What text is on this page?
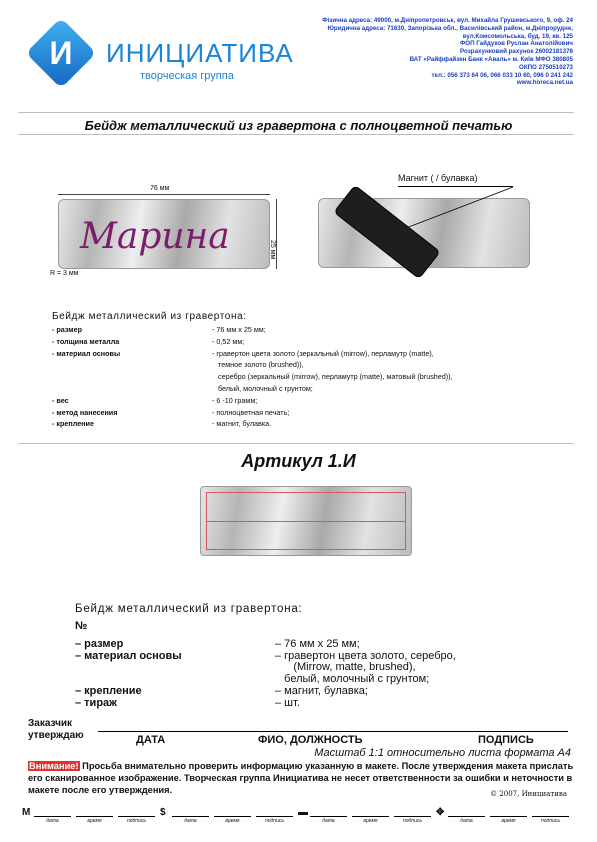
И ИНИЦИАТИВА
творческая группа
Фiзична адреса: 49000, м.Днiпропетровськ, вул. Михайла Грушевського, 9, оф. 24
Юридична адреса: 71630, Запорiзька обл., Василiвський район, м.Днiпрорудне,
вул.Комсомольська, буд. 19, кв. 125
ФОП Гайдуков Руслан Анатолiйович
Розрахунковий рахунок 26002181378
ВАТ «Райффайзен Банк «Аваль» м. Київ МФО 380805
ОКПО 2750510273
тел.: 056 373 64 06, 066 033 10 60, 096 0 241 242
www.horeca.net.ua
Бейдж металлический из гравертона с полноцветной печатью
76 мм
Марина	25 мм
R = 3 мм
Магнит ( / булавка)
Бейдж металлический из гравертона:
- размер	- 76 мм x 25 мм;
- толщина металла	- 0,52 мм;
- материал основы	- гравертон цвета золото (зеркальный (mirrow), перламутр (matte),
темное золото (brushed)),
серебро (зеркальный (mirrow), перламутр (matte), матовый (brushed)),
белый, молочный с грунтом;
- вес	- 6 -10 грамм;
- метод нанесения	- полноцветная печать;
- крепление	- магнит, булавка.
Артикул 1.И
Бейдж металлический из гравертона:
№
– размер	– 76 мм x 25 мм;
– материал основы	– гравертон цвета золото, серебро,
(Mirrow, matte, brushed),
белый, молочный с грунтом;
– крепление	– магнит, булавка;
– тираж	– шт.
Заказчик
утверждаю	ДАТА	ФИО, ДОЛЖНОСТЬ	ПОДПИСЬ
Масштаб 1:1 относительно листа формата А4
Внимание! Просьба внимательно проверить информацию указанную в макете. После утверждения макета прислать его сканированное изображение. Творческая группа Инициатива не несет ответственности за ошибки и неточности в макете после его утверждения.	© 2007, Инициатива
M
дата	время	подпись
$
дата	время	подпись
▬
дата	время	подпись
✥
дата	время	подпись
